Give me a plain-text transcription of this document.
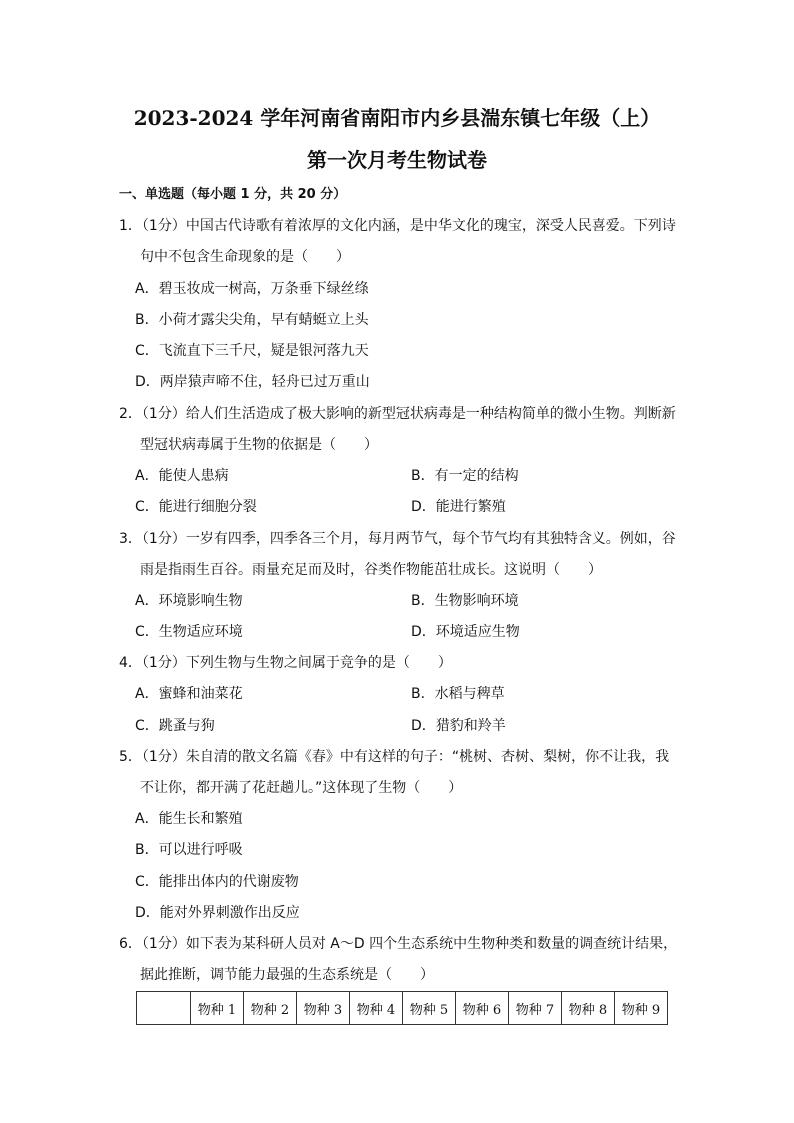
2023-2024 学年河南省南阳市内乡县湍东镇七年级（上）
第一次月考生物试卷
一、单选题（每小题 1 分，共 20 分）
1．（1分）中国古代诗歌有着浓厚的文化内涵，是中华文化的瑰宝，深受人民喜爱。下列诗
句中不包含生命现象的是（　　）
A．碧玉妆成一树高，万条垂下绿丝绦
B．小荷才露尖尖角，早有蜻蜓立上头
C．飞流直下三千尺，疑是银河落九天
D．两岸猿声啼不住，轻舟已过万重山
2．（1分）给人们生活造成了极大影响的新型冠状病毒是一种结构简单的微小生物。判断新
型冠状病毒属于生物的依据是（　　）
A．能使人患病	B．有一定的结构
C．能进行细胞分裂	D．能进行繁殖
3．（1分）一岁有四季，四季各三个月，每月两节气，每个节气均有其独特含义。例如，谷
雨是指雨生百谷。雨量充足而及时，谷类作物能茁壮成长。这说明（　　）
A．环境影响生物	B．生物影响环境
C．生物适应环境	D．环境适应生物
4．（1分）下列生物与生物之间属于竞争的是（　　）
A．蜜蜂和油菜花	B．水稻与稗草
C．跳蚤与狗	D．猎豹和羚羊
5．（1分）朱自清的散文名篇《春》中有这样的句子：“桃树、杏树、梨树，你不让我，我
不让你，都开满了花赶趟儿。”这体现了生物（　　）
A．能生长和繁殖
B．可以进行呼吸
C．能排出体内的代谢废物
D．能对外界刺激作出反应
6．（1分）如下表为某科研人员对 A～D 四个生态系统中生物种类和数量的调查统计结果，
据此推断，调节能力最强的生态系统是（　　）
	物种 1	物种 2	物种 3	物种 4	物种 5	物种 6	物种 7	物种 8	物种 9
